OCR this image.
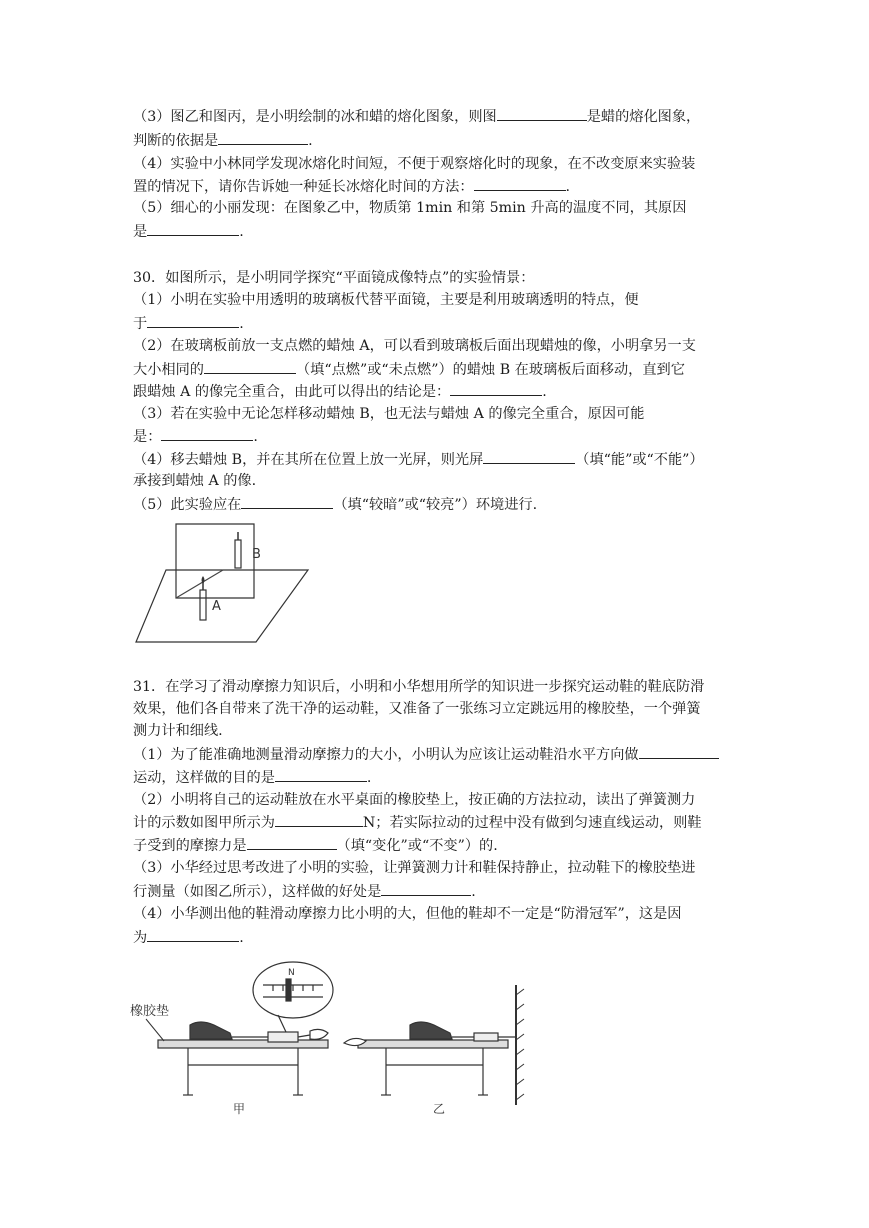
（3）图乙和图丙，是小明绘制的冰和蜡的熔化图象，则图	是蜡的熔化图象，
判断的依据是	.
（4）实验中小林同学发现冰熔化时间短，不便于观察熔化时的现象，在不改变原来实验装
置的情况下，请你告诉她一种延长冰熔化时间的方法：	.
（5）细心的小丽发现：在图象乙中，物质第 1min 和第 5min 升高的温度不同，其原因
是	.
30．如图所示，是小明同学探究“平面镜成像特点”的实验情景：
（1）小明在实验中用透明的玻璃板代替平面镜，主要是利用玻璃透明的特点，便
于	.
（2）在玻璃板前放一支点燃的蜡烛 A，可以看到玻璃板后面出现蜡烛的像，小明拿另一支
大小相同的	（填“点燃”或“未点燃”）的蜡烛 B 在玻璃板后面移动，直到它
跟蜡烛 A 的像完全重合，由此可以得出的结论是：	.
（3）若在实验中无论怎样移动蜡烛 B，也无法与蜡烛 A 的像完全重合，原因可能
是：	.
（4）移去蜡烛 B，并在其所在位置上放一光屏，则光屏	（填“能”或“不能”）
承接到蜡烛 A 的像.
（5）此实验应在	（填“较暗”或“较亮”）环境进行.
B
A
31．在学习了滑动摩擦力知识后，小明和小华想用所学的知识进一步探究运动鞋的鞋底防滑
效果，他们各自带来了洗干净的运动鞋，又准备了一张练习立定跳远用的橡胶垫，一个弹簧
测力计和细线.
（1）为了能准确地测量滑动摩擦力的大小，小明认为应该让运动鞋沿水平方向做
运动，这样做的目的是	.
（2）小明将自己的运动鞋放在水平桌面的橡胶垫上，按正确的方法拉动，读出了弹簧测力
计的示数如图甲所示为	N；若实际拉动的过程中没有做到匀速直线运动，则鞋
子受到的摩擦力是	（填“变化”或“不变”）的.
（3）小华经过思考改进了小明的实验，让弹簧测力计和鞋保持静止，拉动鞋下的橡胶垫进
行测量（如图乙所示），这样做的好处是	.
（4）小华测出他的鞋滑动摩擦力比小明的大，但他的鞋却不一定是“防滑冠军”，这是因
为	.
橡胶垫
N
甲	乙
